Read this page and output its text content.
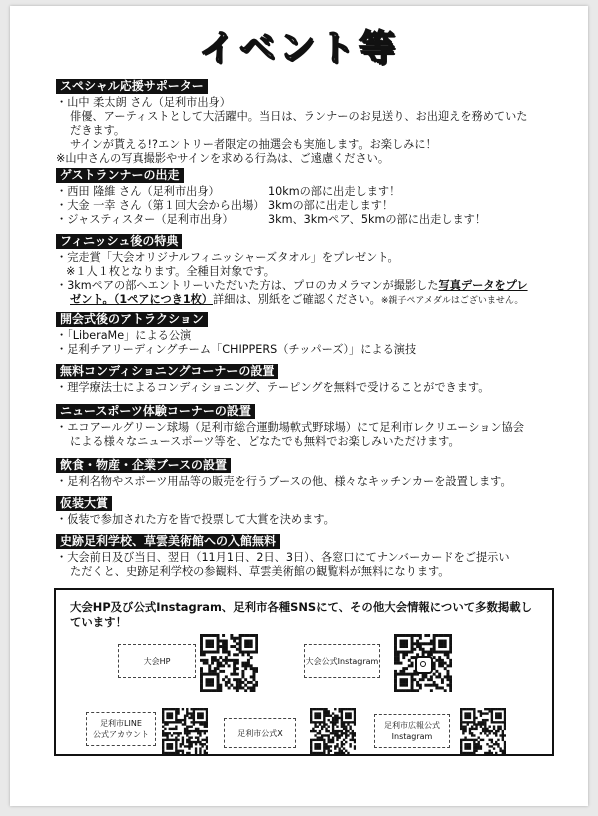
イベント等
スペシャル応援サポーター
・山中 柔太朗 さん（足利市出身）
俳優、アーティストとして大活躍中。当日は、ランナーのお見送り、お出迎えを務めていた
だきます。
サインが貰える!?エントリー者限定の抽選会も実施します。お楽しみに！
※山中さんの写真撮影やサインを求める行為は、ご遠慮ください。
ゲストランナーの出走
・西田 隆維 さん（足利市出身）	10kmの部に出走します！
・大金 一幸 さん（第１回大会から出場） 3kmの部に出走します！
・ジャスティスター（足利市出身）	3km、3kmペア、5kmの部に出走します！
フィニッシュ後の特典
・完走賞「大会オリジナルフィニッシャーズタオル」をプレゼント。
※１人１枚となります。全種目対象です。
・3kmペアの部へエントリーいただいた方は、プロのカメラマンが撮影した写真データをプレ
ゼント。（1ペアにつき1枚）詳細は、別紙をご確認ください。※親子ペアメダルはございません。
開会式後のアトラクション
・「LiberaMe」による公演
・足利チアリーディングチーム「CHIPPERS（チッパーズ）」による演技
無料コンディショニングコーナーの設置
・理学療法士によるコンディショニング、テーピングを無料で受けることができます。
ニュースポーツ体験コーナーの設置
・エコアールグリーン球場（足利市総合運動場軟式野球場）にて足利市レクリエーション協会
による様々なニュースポーツ等を、どなたでも無料でお楽しみいただけます。
飲食・物産・企業ブースの設置
・足利名物やスポーツ用品等の販売を行うブースの他、様々なキッチンカーを設置します。
仮装大賞
・仮装で参加された方を皆で投票して大賞を決めます。
史跡足利学校、草雲美術館への入館無料
・大会前日及び当日、翌日（11月1日、2日、3日）、各窓口にてナンバーカードをご提示い
ただくと、史跡足利学校の参観料、草雲美術館の観覧料が無料になります。
大会HP及び公式Instagram、足利市各種SNSにて、その他大会情報について多数掲載しています！
大会HP	大会公式Instagram
足利市LINE
公式アカウント	足利市公式X
足利市広報公式
Instagram
